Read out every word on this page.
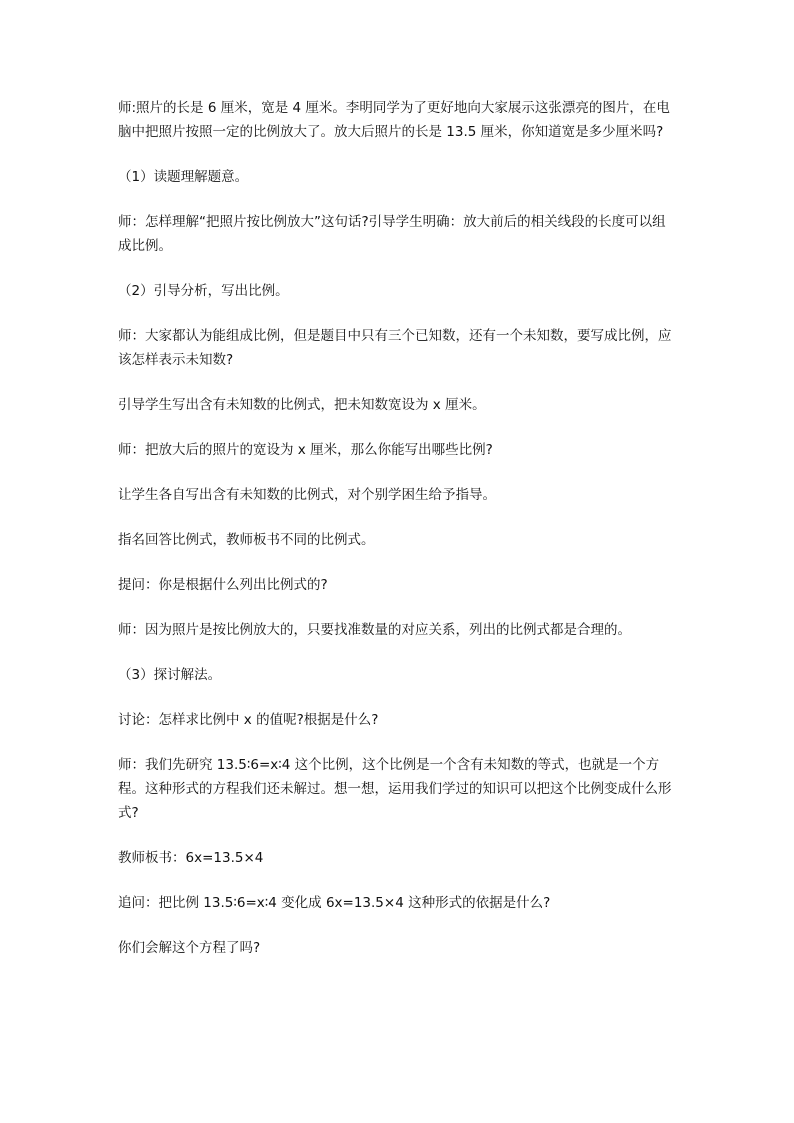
师:照片的长是 6 厘米，宽是 4 厘米。李明同学为了更好地向大家展示这张漂亮的图片，在电脑中把照片按照一定的比例放大了。放大后照片的长是 13.5 厘米，你知道宽是多少厘米吗?

（1）读题理解题意。

师：怎样理解“把照片按比例放大”这句话?引导学生明确：放大前后的相关线段的长度可以组成比例。

（2）引导分析，写出比例。

师：大家都认为能组成比例，但是题目中只有三个已知数，还有一个未知数，要写成比例，应该怎样表示未知数?

引导学生写出含有未知数的比例式，把未知数宽设为 x 厘米。

师：把放大后的照片的宽设为 x 厘米，那么你能写出哪些比例?

让学生各自写出含有未知数的比例式，对个别学困生给予指导。

指名回答比例式，教师板书不同的比例式。

提问：你是根据什么列出比例式的?

师：因为照片是按比例放大的，只要找准数量的对应关系，列出的比例式都是合理的。

（3）探讨解法。

讨论：怎样求比例中 x 的值呢?根据是什么?

师：我们先研究 13.5∶6=x∶4 这个比例，这个比例是一个含有未知数的等式，也就是一个方程。这种形式的方程我们还未解过。想一想，运用我们学过的知识可以把这个比例变成什么形式?

教师板书：6x=13.5×4

追问：把比例 13.5∶6=x∶4 变化成 6x=13.5×4 这种形式的依据是什么?

你们会解这个方程了吗?
